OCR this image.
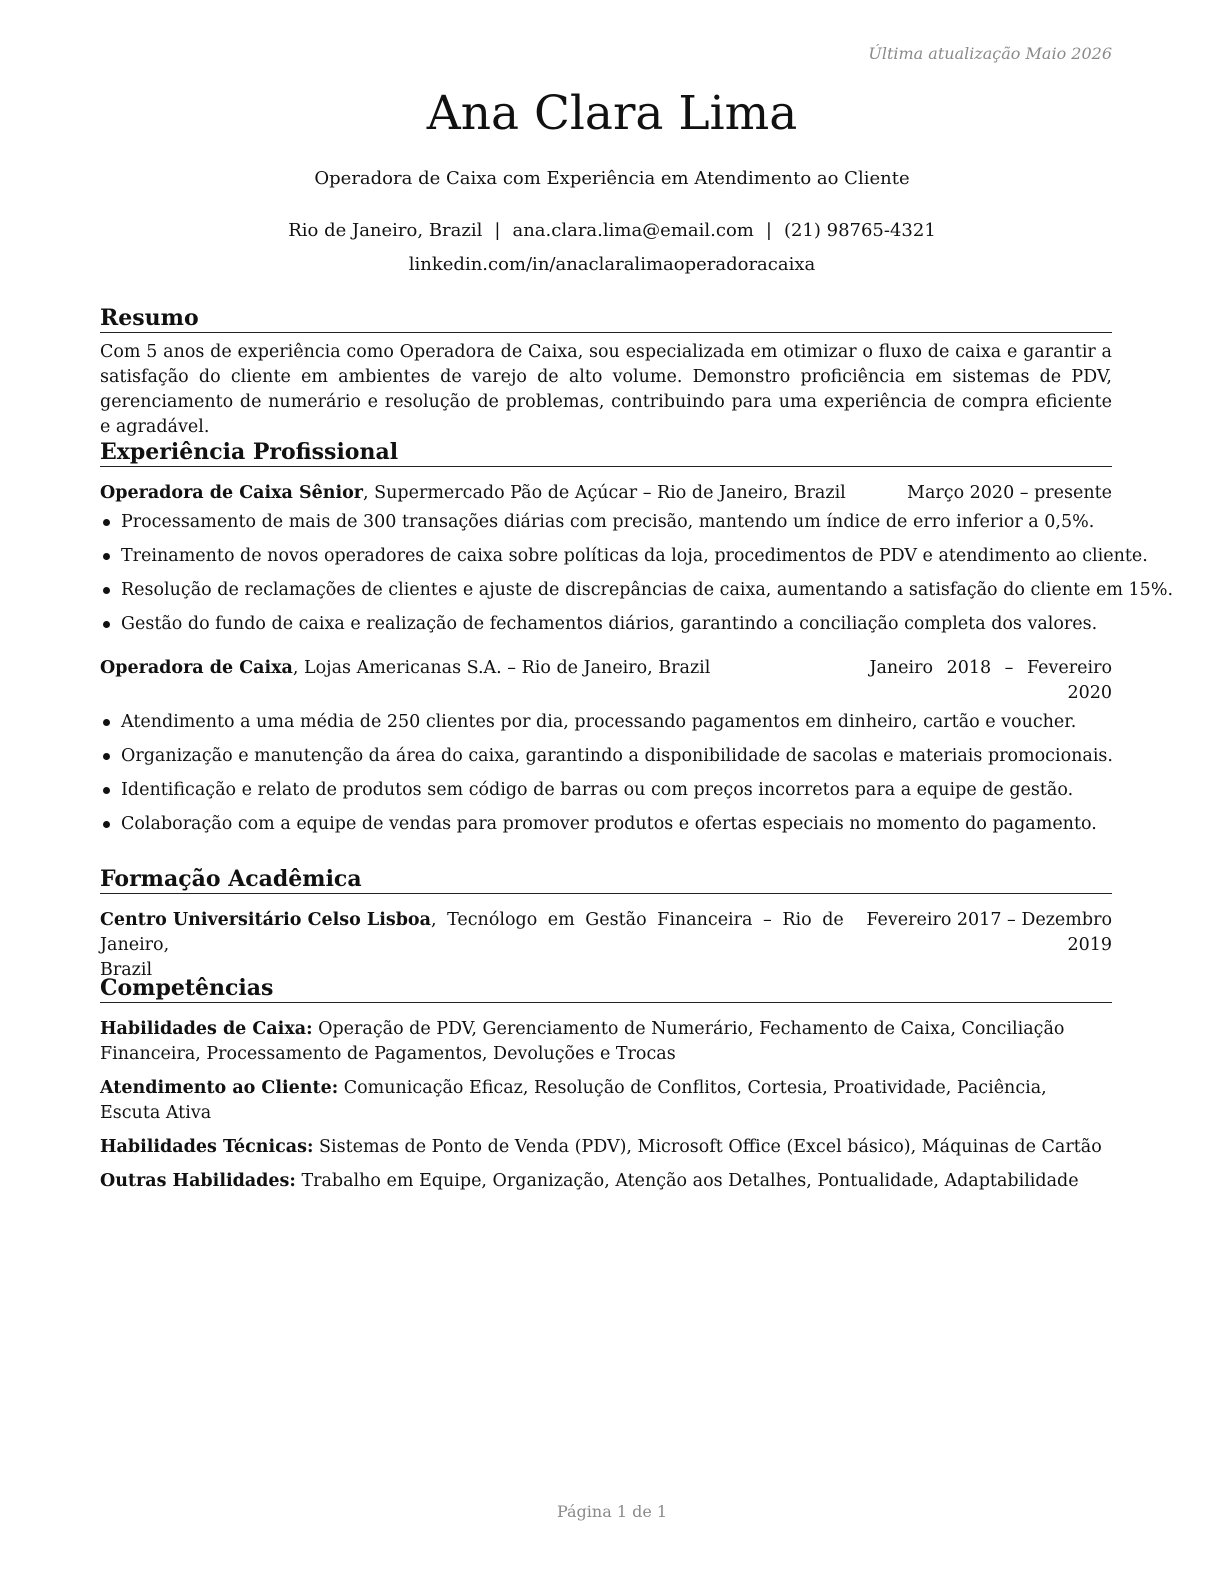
Última atualização Maio 2026
Ana Clara Lima
Operadora de Caixa com Experiência em Atendimento ao Cliente
Rio de Janeiro, Brazil | ana.clara.lima@email.com | (21) 98765-4321
linkedin.com/in/anaclaralimaoperadoracaixa
Resumo

Com 5 anos de experiência como Operadora de Caixa, sou especializada em otimizar o fluxo de caixa e garantir a satisfação do cliente em ambientes de varejo de alto volume. Demonstro proficiência em sistemas de PDV, gerenciamento de numerário e resolução de problemas, contribuindo para uma experiência de compra eficiente e agradável.

Experiência Profissional
Operadora de Caixa Sênior, Supermercado Pão de Açúcar – Rio de Janeiro, Brazil	Março 2020 – presente
Processamento de mais de 300 transações diárias com precisão, mantendo um índice de erro inferior a 0,5%.
Treinamento de novos operadores de caixa sobre políticas da loja, procedimentos de PDV e atendimento ao cliente.
Resolução de reclamações de clientes e ajuste de discrepâncias de caixa, aumentando a satisfação do cliente em 15%.
Gestão do fundo de caixa e realização de fechamentos diários, garantindo a conciliação completa dos valores.
Operadora de Caixa, Lojas Americanas S.A. – Rio de Janeiro, Brazil	Janeiro 2018 – Fevereiro
2020
Atendimento a uma média de 250 clientes por dia, processando pagamentos em dinheiro, cartão e voucher.
Organização e manutenção da área do caixa, garantindo a disponibilidade de sacolas e materiais promocionais.
Identificação e relato de produtos sem código de barras ou com preços incorretos para a equipe de gestão.
Colaboração com a equipe de vendas para promover produtos e ofertas especiais no momento do pagamento.
Formação Acadêmica
Centro Universitário Celso Lisboa, Tecnólogo em Gestão Financeira – Rio de Janeiro,
Brazil
Fevereiro 2017 – Dezembro
2019
Competências
Habilidades de Caixa: Operação de PDV, Gerenciamento de Numerário, Fechamento de Caixa, Conciliação Financeira, Processamento de Pagamentos, Devoluções e Trocas
Atendimento ao Cliente: Comunicação Eficaz, Resolução de Conflitos, Cortesia, Proatividade, Paciência, Escuta Ativa
Habilidades Técnicas: Sistemas de Ponto de Venda (PDV), Microsoft Office (Excel básico), Máquinas de Cartão
Outras Habilidades: Trabalho em Equipe, Organização, Atenção aos Detalhes, Pontualidade, Adaptabilidade
Página 1 de 1
